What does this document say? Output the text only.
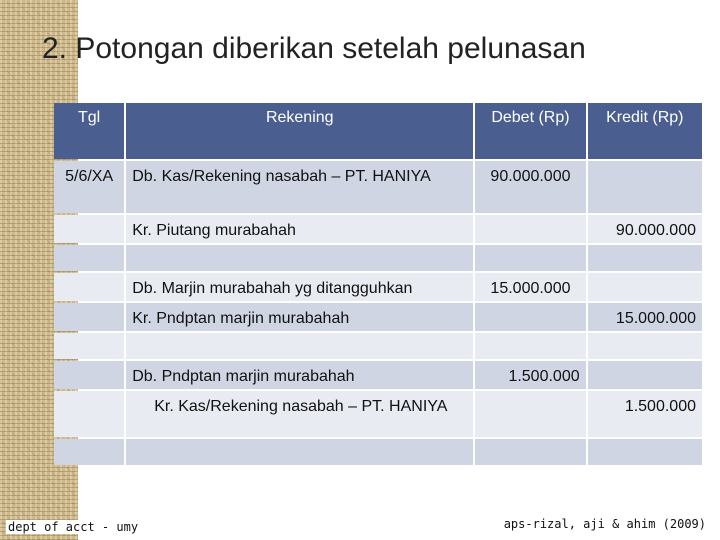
2. Potongan diberikan setelah pelunasan
Tgl	Rekening	Debet (Rp)	Kredit (Rp)
5/6/XA	Db. Kas/Rekening nasabah – PT. HANIYA	90.000.000	
	Kr. Piutang murabahah		90.000.000

	Db. Marjin murabahah yg ditangguhkan	15.000.000	
	Kr. Pndptan marjin murabahah		15.000.000

	Db. Pndptan marjin murabahah	1.500.000	
	Kr. Kas/Rekening nasabah – PT. HANIYA		1.500.000

dept of acct - umy	aps-rizal, aji & ahim (2009)
